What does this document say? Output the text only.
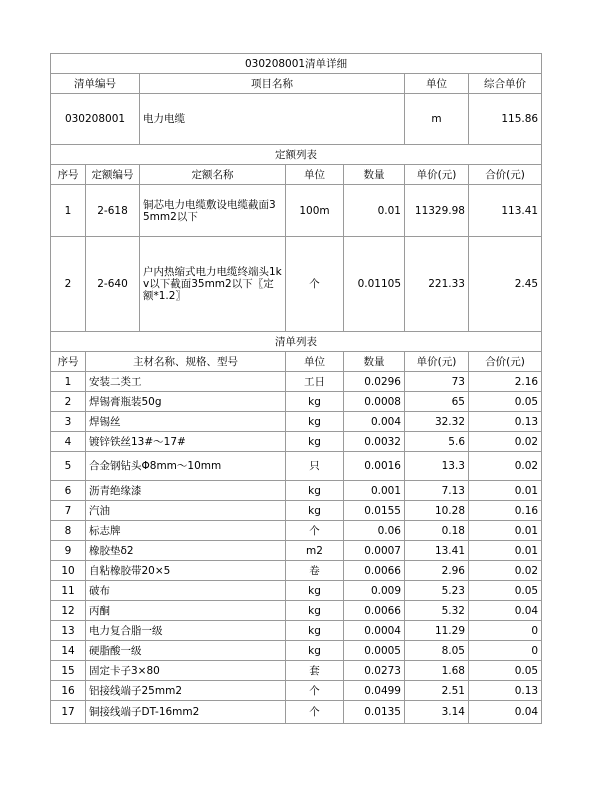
030208001清单详细						
清单编号		项目名称			单位	综合单价
030208001		电力电缆			m	115.86
定额列表						
序号	定额编号	定额名称	单位	数量	单价(元)	合价(元)
1	2-618	铜芯电力电缆敷设电缆截面35mm2以下	100m	0.01	11329.98	113.41
2	2-640	户内热缩式电力电缆终端头1kv以下截面35mm2以下〖定额*1.2〗	个	0.01105	221.33	2.45
清单列表						
序号	主材名称、规格、型号		单位	数量	单价(元)	合价(元)
1	安装二类工		工日	0.0296	73	2.16
2	焊锡膏瓶装50g		kg	0.0008	65	0.05
3	焊锡丝		kg	0.004	32.32	0.13
4	镀锌铁丝13#～17#		kg	0.0032	5.6	0.02
5	合金钢钻头Φ8mm～10mm		只	0.0016	13.3	0.02
6	沥青绝缘漆		kg	0.001	7.13	0.01
7	汽油		kg	0.0155	10.28	0.16
8	标志牌		个	0.06	0.18	0.01
9	橡胶垫δ2		m2	0.0007	13.41	0.01
10	自粘橡胶带20×5		卷	0.0066	2.96	0.02
11	破布		kg	0.009	5.23	0.05
12	丙酮		kg	0.0066	5.32	0.04
13	电力复合脂一级		kg	0.0004	11.29	0
14	硬脂酸一级		kg	0.0005	8.05	0
15	固定卡子3×80		套	0.0273	1.68	0.05
16	铝接线端子25mm2		个	0.0499	2.51	0.13
17	铜接线端子DT-16mm2		个	0.0135	3.14	0.04
